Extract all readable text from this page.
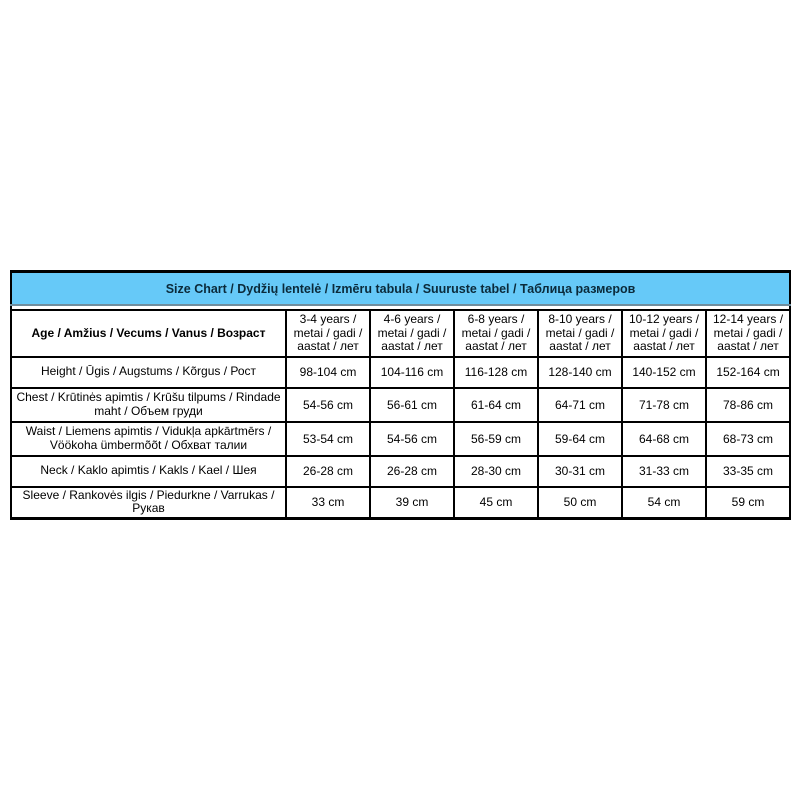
Size Chart / Dydžių lentelė / Izmēru tabula / Suuruste tabel / Таблица размеров						

Age / Amžius / Vecums / Vanus / Возраст	3-4 years / metai / gadi / aastat / лет	4-6 years / metai / gadi / aastat / лет	6-8 years / metai / gadi / aastat / лет	8-10 years / metai / gadi / aastat / лет	10-12 years / metai / gadi / aastat / лет	12-14 years / metai / gadi / aastat / лет
Height / Ūgis / Augstums / Kõrgus / Рост	98-104 cm	104-116 cm	116-128 cm	128-140 cm	140-152 cm	152-164 cm
Chest / Krūtinės apimtis / Krūšu tilpums / Rindade maht / Объем груди	54-56 cm	56-61 cm	61-64 cm	64-71 cm	71-78 cm	78-86 cm
Waist / Liemens apimtis / Vidukļa apkārtmērs / Vöökoha ümbermõõt / Обхват талии	53-54 cm	54-56 cm	56-59 cm	59-64 cm	64-68 cm	68-73 cm
Neck / Kaklo apimtis / Kakls / Kael / Шея	26-28 cm	26-28 cm	28-30 cm	30-31 cm	31-33 cm	33-35 cm
Sleeve / Rankovės ilgis / Piedurkne / Varrukas / Рукав	33 cm	39 cm	45 cm	50 cm	54 cm	59 cm
